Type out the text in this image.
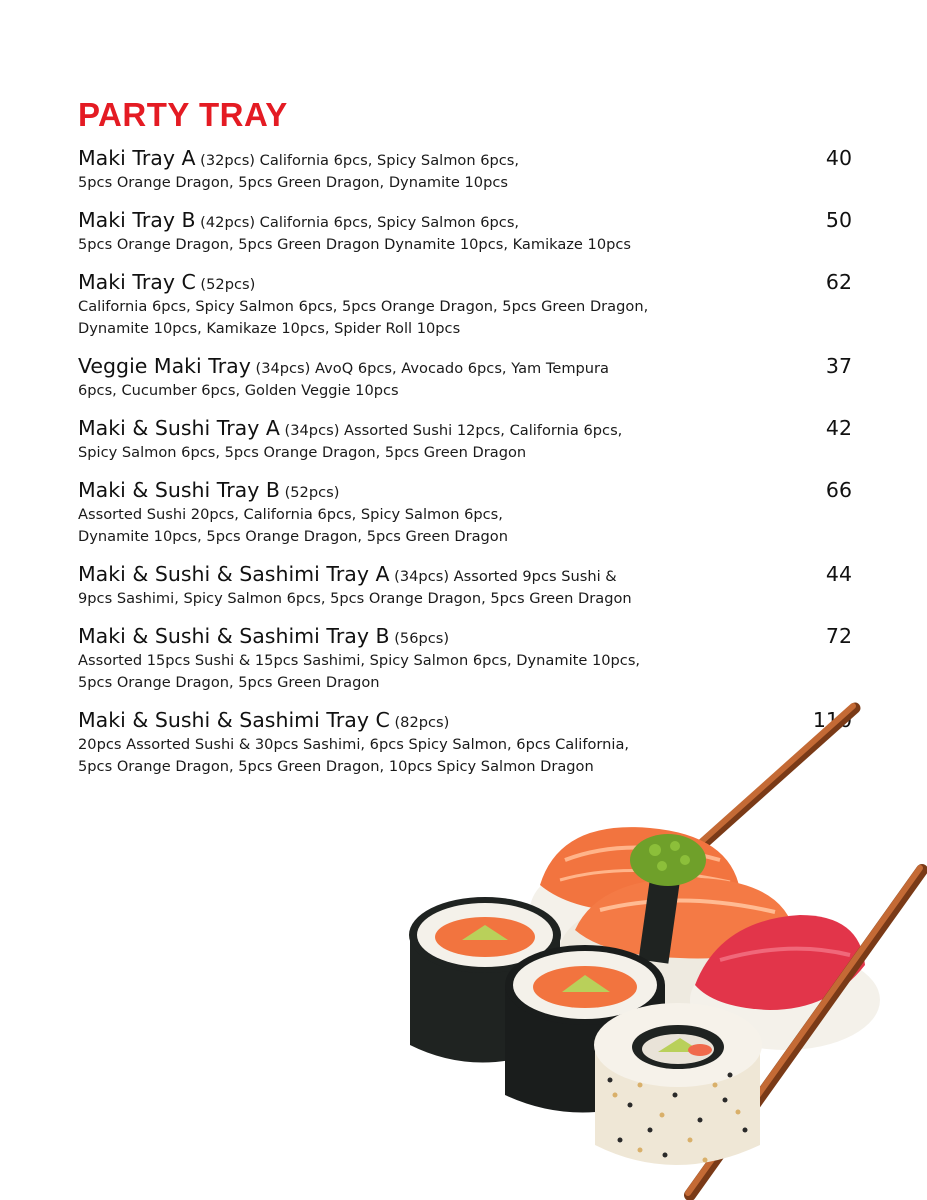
PARTY TRAY
Maki Tray A (32pcs) California 6pcs, Spicy Salmon 6pcs,
5pcs Orange Dragon, 5pcs Green Dragon, Dynamite 10pcs
40
Maki Tray B (42pcs) California 6pcs, Spicy Salmon 6pcs,
5pcs Orange Dragon, 5pcs Green Dragon Dynamite 10pcs, Kamikaze 10pcs
50
Maki Tray C (52pcs)
California 6pcs, Spicy Salmon 6pcs, 5pcs Orange Dragon, 5pcs Green Dragon,
Dynamite 10pcs, Kamikaze 10pcs, Spider Roll 10pcs
62
Veggie Maki Tray (34pcs) AvoQ 6pcs, Avocado 6pcs, Yam Tempura
6pcs, Cucumber 6pcs, Golden Veggie 10pcs
37
Maki & Sushi Tray A (34pcs) Assorted Sushi 12pcs, California 6pcs,
Spicy Salmon 6pcs, 5pcs Orange Dragon, 5pcs Green Dragon
42
Maki & Sushi Tray B (52pcs)
Assorted Sushi 20pcs, California 6pcs, Spicy Salmon 6pcs,
Dynamite 10pcs, 5pcs Orange Dragon, 5pcs Green Dragon
66
Maki & Sushi & Sashimi Tray A (34pcs) Assorted 9pcs Sushi &
9pcs Sashimi, Spicy Salmon 6pcs, 5pcs Orange Dragon, 5pcs Green Dragon
44
Maki & Sushi & Sashimi Tray B (56pcs)
Assorted 15pcs Sushi & 15pcs Sashimi, Spicy Salmon 6pcs, Dynamite 10pcs,
5pcs Orange Dragon, 5pcs Green Dragon
72
Maki & Sushi & Sashimi Tray C (82pcs)
20pcs Assorted Sushi & 30pcs Sashimi, 6pcs Spicy Salmon, 6pcs California,
5pcs Orange Dragon, 5pcs Green Dragon, 10pcs Spicy Salmon Dragon
110
